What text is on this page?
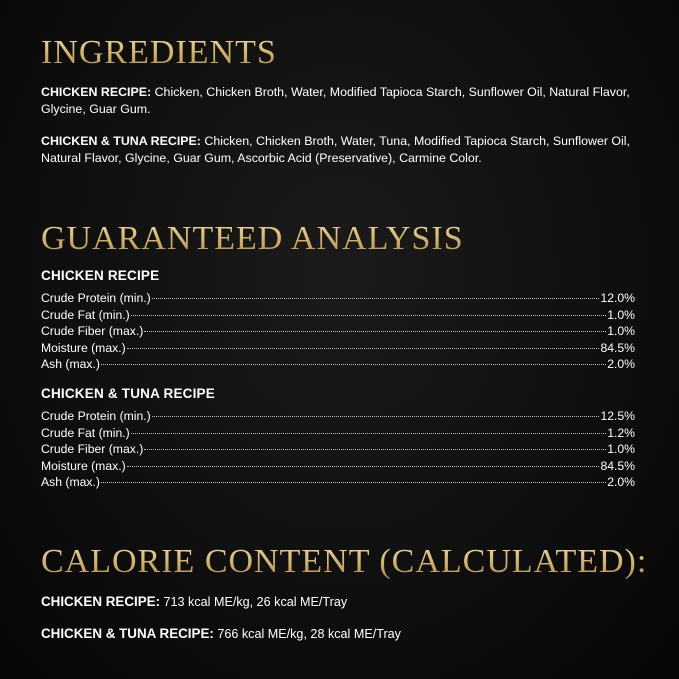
INGREDIENTS

CHICKEN RECIPE: Chicken, Chicken Broth, Water, Modified Tapioca Starch, Sunflower Oil, Natural Flavor, Glycine, Guar Gum.

CHICKEN & TUNA RECIPE: Chicken, Chicken Broth, Water, Tuna, Modified Tapioca Starch, Sunflower Oil, Natural Flavor, Glycine, Guar Gum, Ascorbic Acid (Preservative), Carmine Color.

GUARANTEED ANALYSIS

CHICKEN RECIPE

Crude Protein (min.)	12.0%
Crude Fat (min.)	1.0%
Crude Fiber (max.)	1.0%
Moisture (max.)	84.5%
Ash (max.)	2.0%

CHICKEN & TUNA RECIPE

Crude Protein (min.)	12.5%
Crude Fat (min.)	1.2%
Crude Fiber (max.)	1.0%
Moisture (max.)	84.5%
Ash (max.)	2.0%
CALORIE CONTENT (CALCULATED):

CHICKEN RECIPE: 713 kcal ME/kg, 26 kcal ME/Tray

CHICKEN & TUNA RECIPE: 766 kcal ME/kg, 28 kcal ME/Tray
